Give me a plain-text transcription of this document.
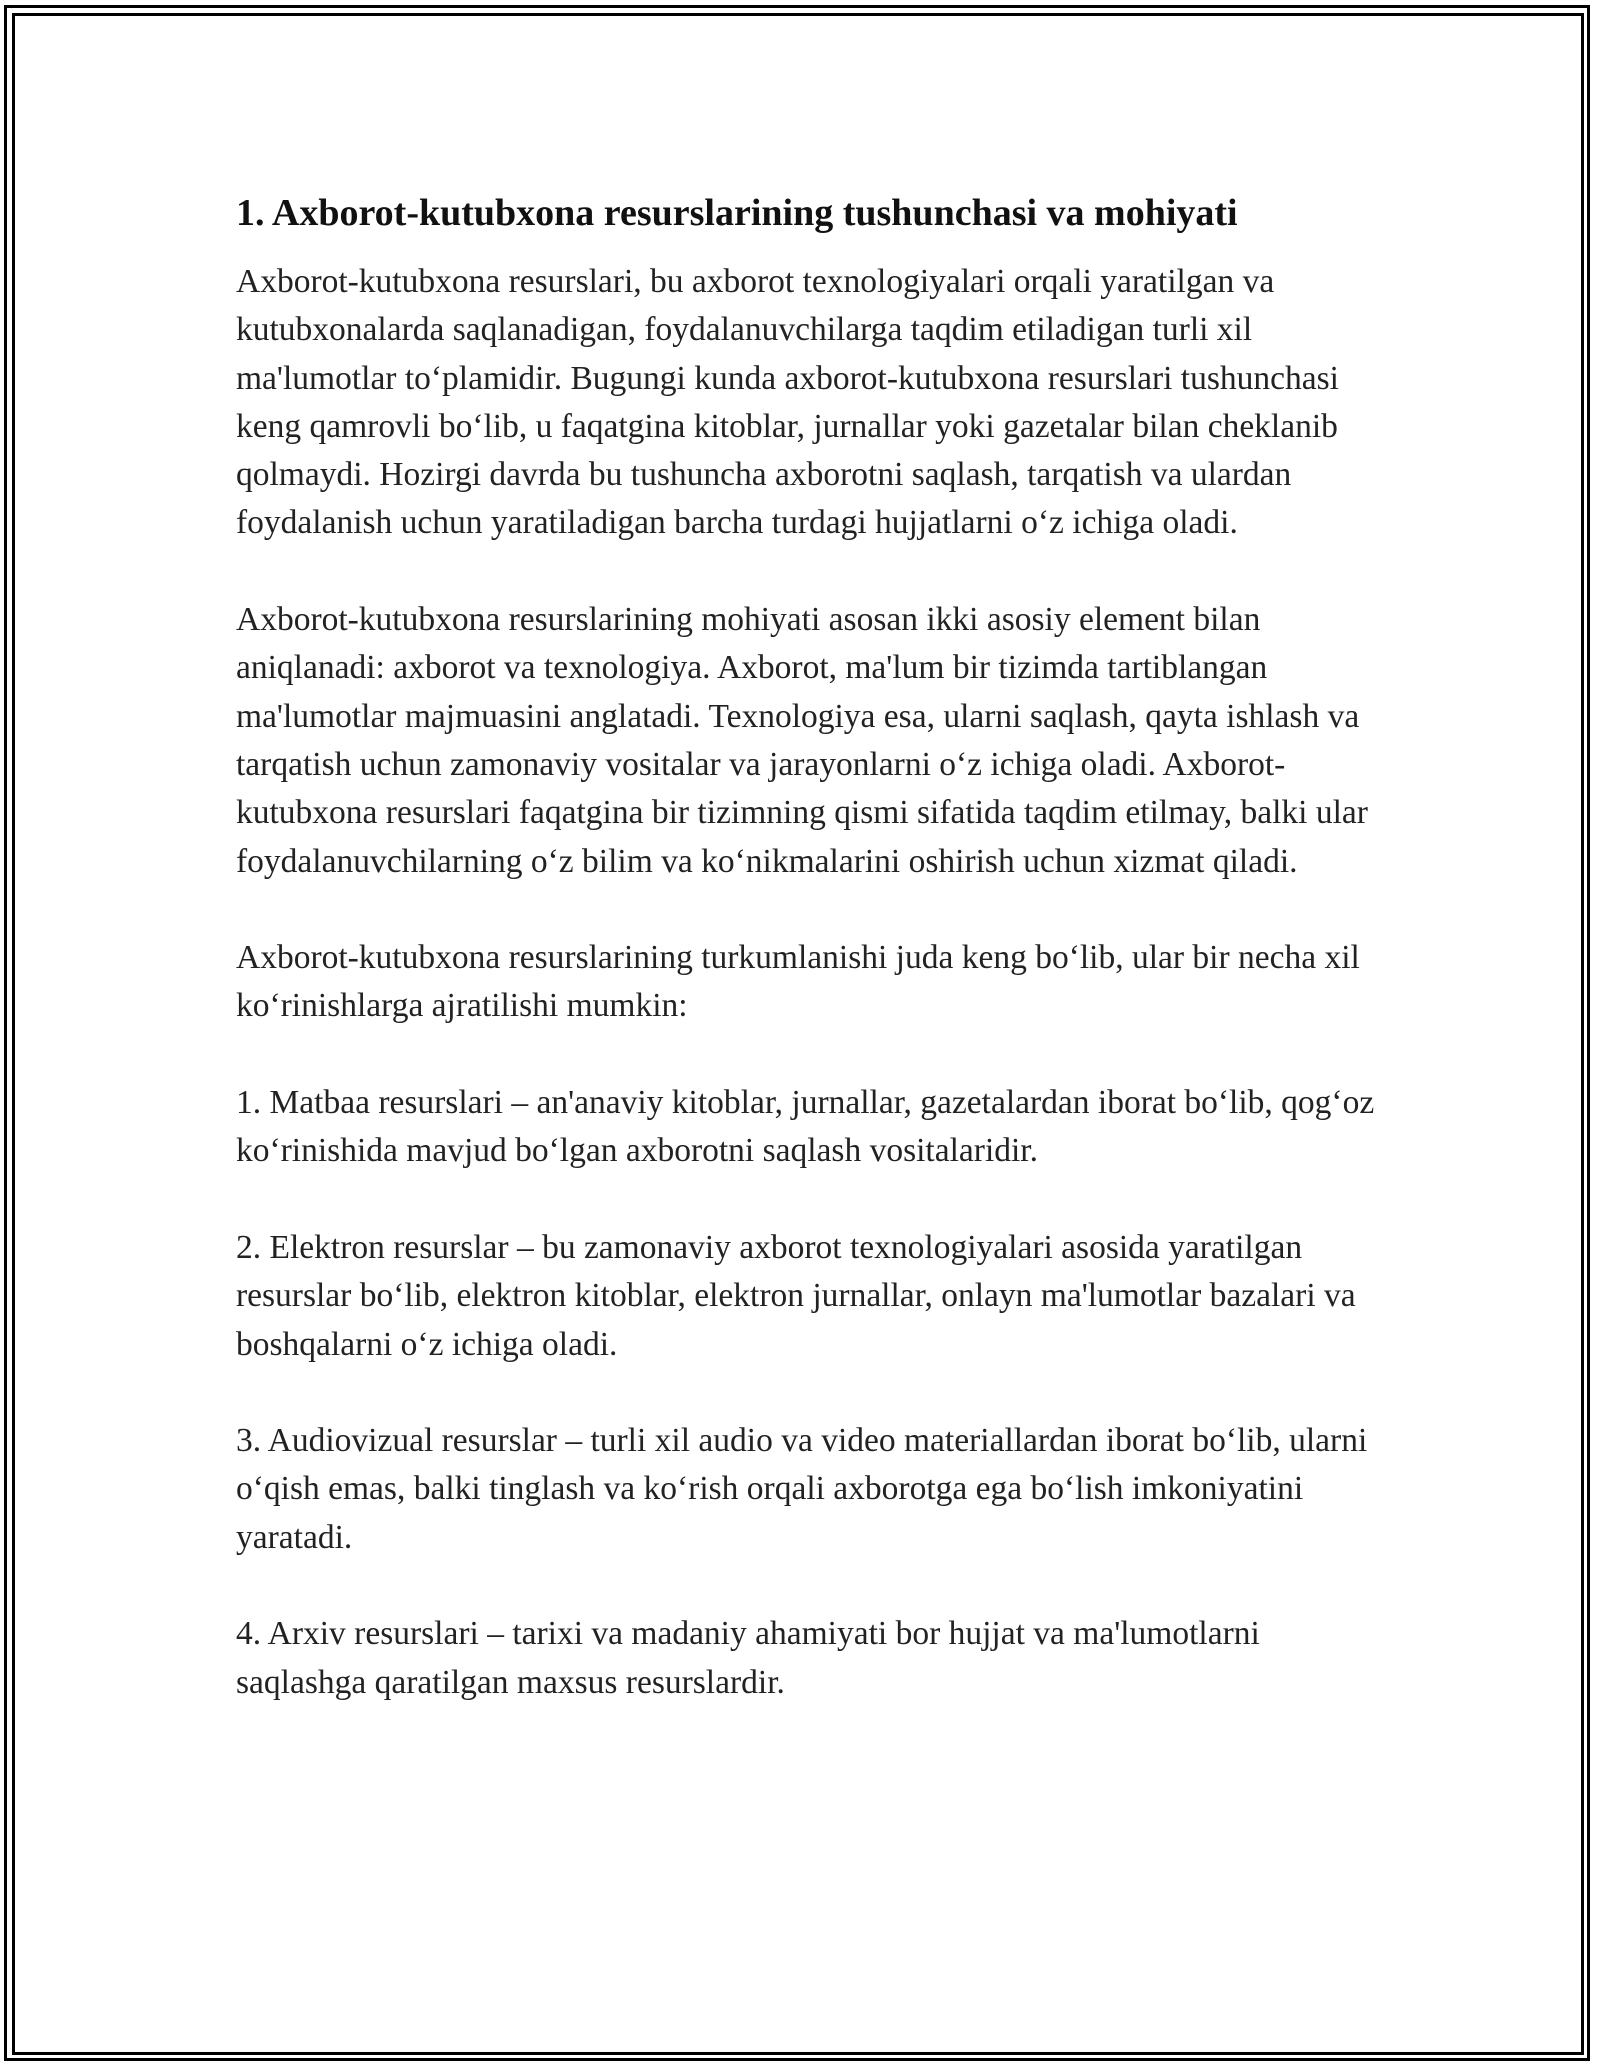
1. Axborot-kutubxona resurslarining tushunchasi va mohiyati

Axborot-kutubxona resurslari, bu axborot texnologiyalari orqali yaratilgan va kutubxonalarda saqlanadigan, foydalanuvchilarga taqdim etiladigan turli xil ma'lumotlar to‘plamidir. Bugungi kunda axborot-kutubxona resurslari tushunchasi keng qamrovli bo‘lib, u faqatgina kitoblar, jurnallar yoki gazetalar bilan cheklanib qolmaydi. Hozirgi davrda bu tushuncha axborotni saqlash, tarqatish va ulardan foydalanish uchun yaratiladigan barcha turdagi hujjatlarni o‘z ichiga oladi.

Axborot-kutubxona resurslarining mohiyati asosan ikki asosiy element bilan aniqlanadi: axborot va texnologiya. Axborot, ma'lum bir tizimda tartiblangan ma'lumotlar majmuasini anglatadi. Texnologiya esa, ularni saqlash, qayta ishlash va tarqatish uchun zamonaviy vositalar va jarayonlarni o‘z ichiga oladi. Axborot-kutubxona resurslari faqatgina bir tizimning qismi sifatida taqdim etilmay, balki ular foydalanuvchilarning o‘z bilim va ko‘nikmalarini oshirish uchun xizmat qiladi.

Axborot-kutubxona resurslarining turkumlanishi juda keng bo‘lib, ular bir necha xil ko‘rinishlarga ajratilishi mumkin:

1. Matbaa resurslari – an'anaviy kitoblar, jurnallar, gazetalardan iborat bo‘lib, qog‘oz ko‘rinishida mavjud bo‘lgan axborotni saqlash vositalaridir.

2. Elektron resurslar – bu zamonaviy axborot texnologiyalari asosida yaratilgan resurslar bo‘lib, elektron kitoblar, elektron jurnallar, onlayn ma'lumotlar bazalari va boshqalarni o‘z ichiga oladi.

3. Audiovizual resurslar – turli xil audio va video materiallardan iborat bo‘lib, ularni o‘qish emas, balki tinglash va ko‘rish orqali axborotga ega bo‘lish imkoniyatini yaratadi.

4. Arxiv resurslari – tarixi va madaniy ahamiyati bor hujjat va ma'lumotlarni saqlashga qaratilgan maxsus resurslardir.
